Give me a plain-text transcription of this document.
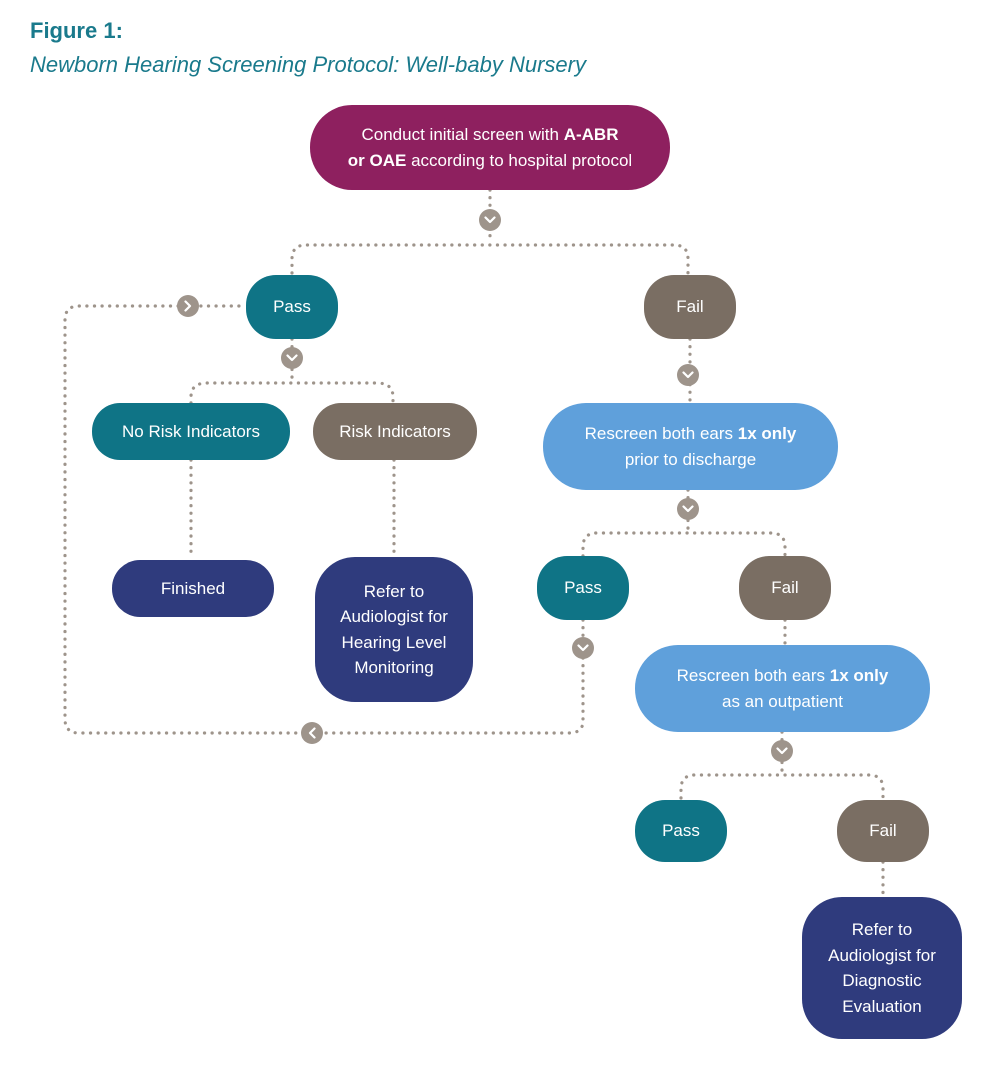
Figure 1:
Newborn Hearing Screening Protocol: Well-baby Nursery
Conduct initial screen with A-ABR
or OAE according to hospital protocol
Pass	Fail
No Risk Indicators	Risk Indicators
Finished	Refer to Audiologist for Hearing Level Monitoring
Rescreen both ears 1x only
prior to discharge
Pass	Fail
Rescreen both ears 1x only
as an outpatient
Pass	Fail
Refer to Audiologist for Diagnostic Evaluation
